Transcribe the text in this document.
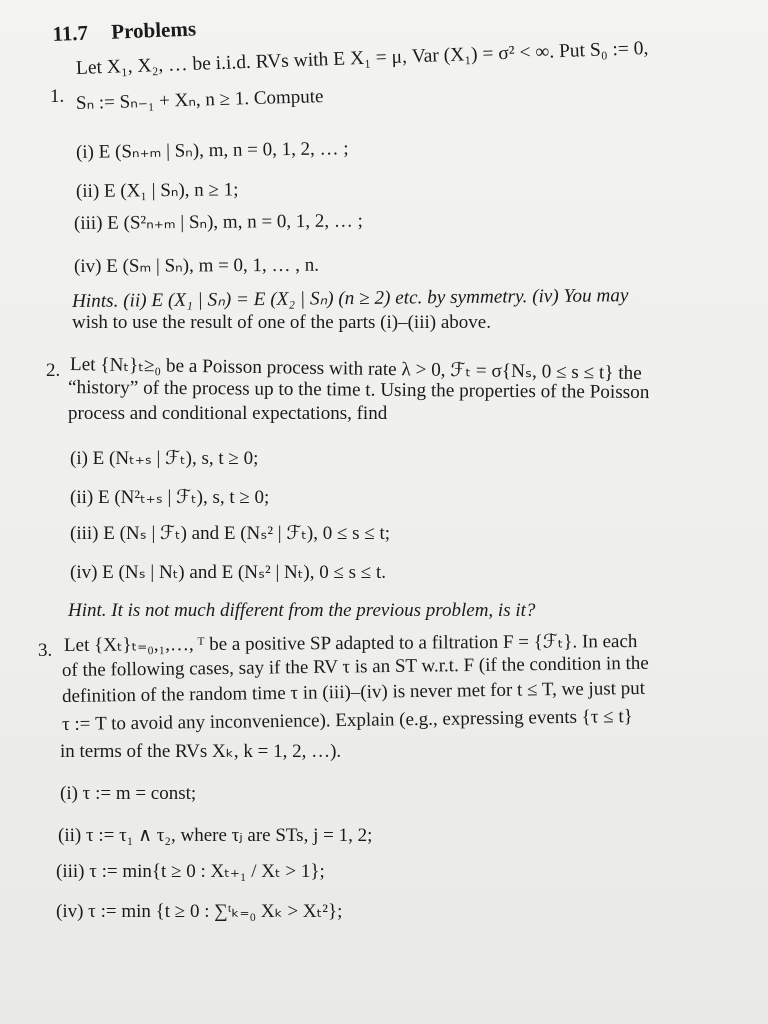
11.7 Problems
1.
Let X₁, X₂, … be i.i.d. RVs with E X₁ = μ, Var (X₁) = σ² < ∞. Put S₀ := 0,
Sₙ := Sₙ₋₁ + Xₙ, n ≥ 1. Compute
(i) E (Sₙ₊ₘ | Sₙ), m, n = 0, 1, 2, … ;
(ii) E (X₁ | Sₙ), n ≥ 1;
(iii) E (S²ₙ₊ₘ | Sₙ), m, n = 0, 1, 2, … ;
(iv) E (Sₘ | Sₙ), m = 0, 1, … , n.
Hints. (ii) E (X₁ | Sₙ) = E (X₂ | Sₙ) (n ≥ 2) etc. by symmetry. (iv) You may
wish to use the result of one of the parts (i)–(iii) above.
2. Let {Nₜ}ₜ≥₀ be a Poisson process with rate λ > 0, ℱₜ = σ{Nₛ, 0 ≤ s ≤ t} the
“history” of the process up to the time t. Using the properties of the Poisson
process and conditional expectations, find
(i) E (Nₜ₊ₛ | ℱₜ), s, t ≥ 0;
(ii) E (N²ₜ₊ₛ | ℱₜ), s, t ≥ 0;
(iii) E (Nₛ | ℱₜ) and E (Nₛ² | ℱₜ), 0 ≤ s ≤ t;
(iv) E (Nₛ | Nₜ) and E (Nₛ² | Nₜ), 0 ≤ s ≤ t.
Hint. It is not much different from the previous problem, is it?
3. Let {Xₜ}ₜ₌₀,₁,…, ᵀ be a positive SP adapted to a filtration F = {ℱₜ}. In each
of the following cases, say if the RV τ is an ST w.r.t. F (if the condition in the
definition of the random time τ in (iii)–(iv) is never met for t ≤ T, we just put
τ := T to avoid any inconvenience). Explain (e.g., expressing events {τ ≤ t}
in terms of the RVs Xₖ, k = 1, 2, …).
(i) τ := m = const;
(ii) τ := τ₁ ∧ τ₂, where τⱼ are STs, j = 1, 2;
(iii) τ := min{t ≥ 0 : Xₜ₊₁ / Xₜ > 1};
(iv) τ := min {t ≥ 0 : ∑ᵗₖ₌₀ Xₖ > Xₜ²};
